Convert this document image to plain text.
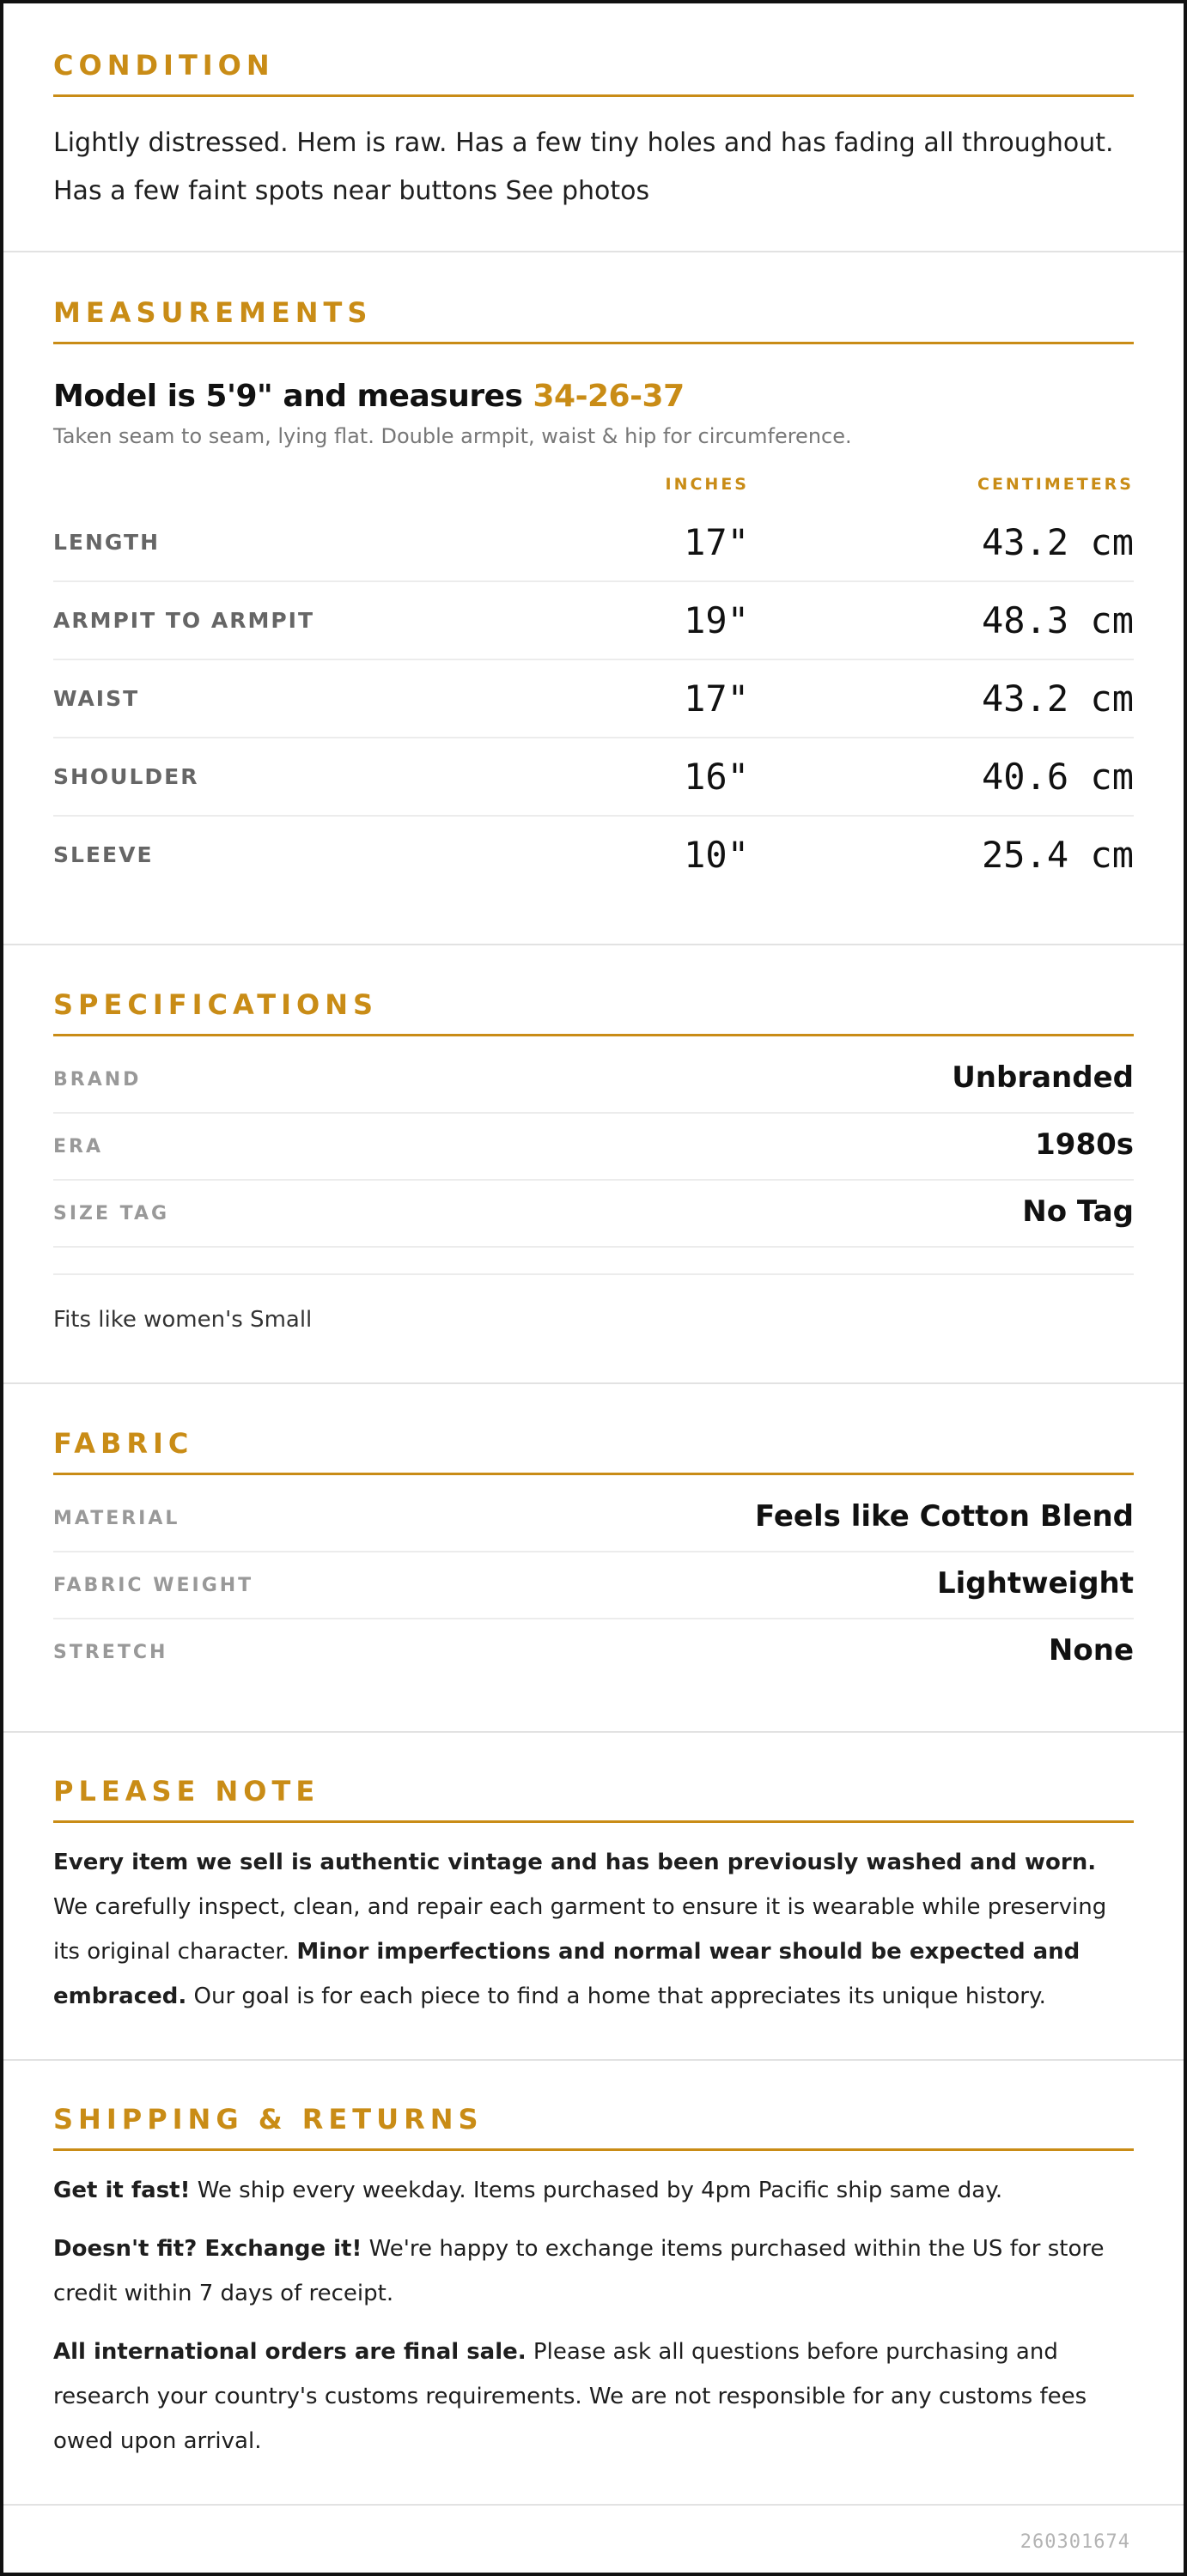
CONDITION
Lightly distressed. Hem is raw. Has a few tiny holes and has fading all throughout.
Has a few faint spots near buttons See photos
MEASUREMENTS
Model is 5'9" and measures 34-26-37
Taken seam to seam, lying flat. Double armpit, waist & hip for circumference.
INCHES	CENTIMETERS
LENGTH	17"	43.2 cm
ARMPIT TO ARMPIT	19"	48.3 cm
WAIST	17"	43.2 cm
SHOULDER	16"	40.6 cm
SLEEVE	10"	25.4 cm
SPECIFICATIONS
BRAND	Unbranded
ERA	1980s
SIZE TAG	No Tag
Fits like women's Small
FABRIC
MATERIAL	Feels like Cotton Blend
FABRIC WEIGHT	Lightweight
STRETCH	None
PLEASE NOTE

Every item we sell is authentic vintage and has been previously washed and worn. We carefully inspect, clean, and repair each garment to ensure it is wearable while preserving its original character. Minor imperfections and normal wear should be expected and embraced. Our goal is for each piece to find a home that appreciates its unique history.

SHIPPING & RETURNS

Get it fast! We ship every weekday. Items purchased by 4pm Pacific ship same day.

Doesn't fit? Exchange it! We're happy to exchange items purchased within the US for store credit within 7 days of receipt.

All international orders are final sale. Please ask all questions before purchasing and research your country's customs requirements. We are not responsible for any customs fees owed upon arrival.

260301674
